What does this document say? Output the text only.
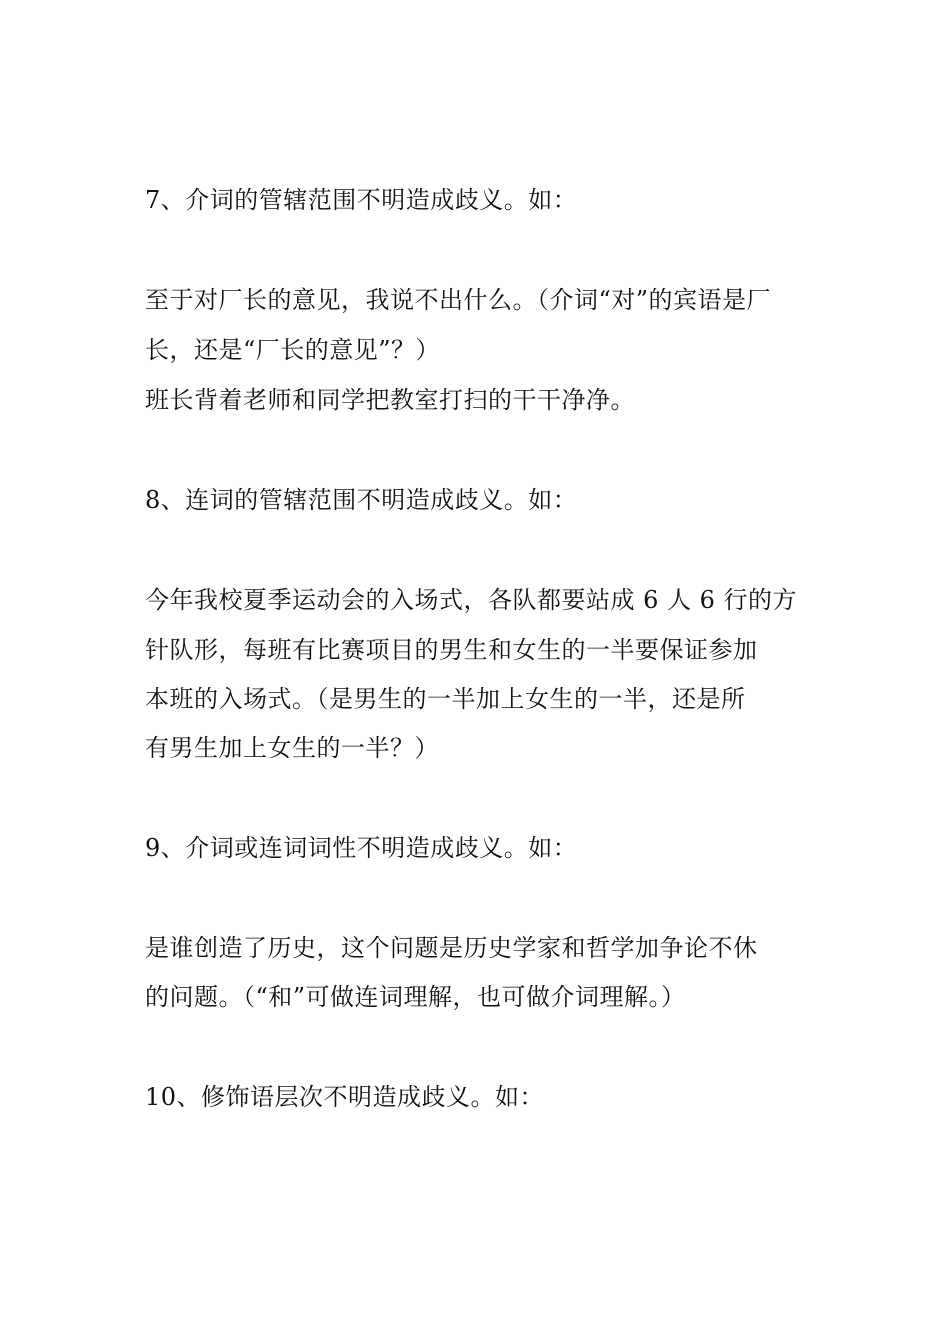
7、介词的管辖范围不明造成歧义。如：
至于对厂长的意见，我说不出什么。（介词“对”的宾语是厂
长，还是“厂长的意见”？）
班长背着老师和同学把教室打扫的干干净净。
8、连词的管辖范围不明造成歧义。如：
今年我校夏季运动会的入场式，各队都要站成 6 人 6 行的方
针队形，每班有比赛项目的男生和女生的一半要保证参加
本班的入场式。（是男生的一半加上女生的一半，还是所
有男生加上女生的一半？）
9、介词或连词词性不明造成歧义。如：
是谁创造了历史，这个问题是历史学家和哲学加争论不休
的问题。（“和”可做连词理解，也可做介词理解。）
10、修饰语层次不明造成歧义。如：
